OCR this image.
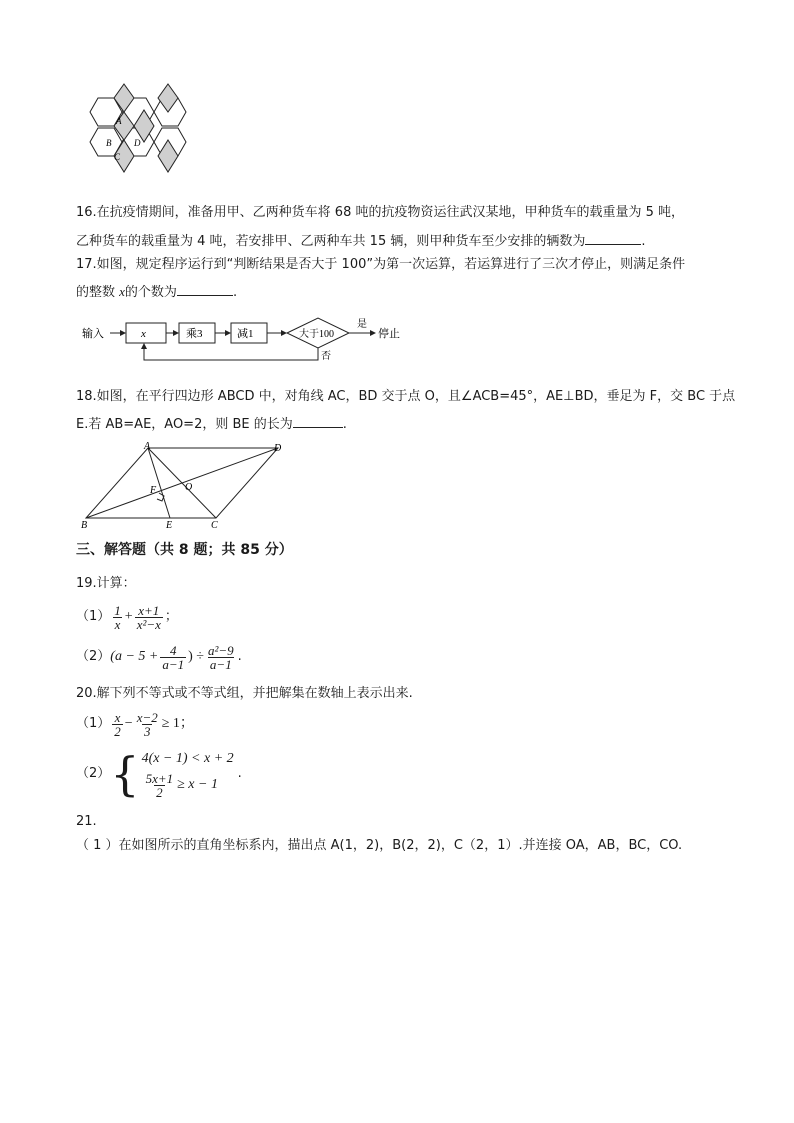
A
B	D
C
16.在抗疫情期间，准备用甲、乙两种货车将 68 吨的抗疫物资运往武汉某地，甲种货车的载重量为 5 吨，
乙种货车的载重量为 4 吨，若安排甲、乙两种车共 15 辆，则甲种货车至少安排的辆数为	.
17.如图，规定程序运行到“判断结果是否大于 100”为第一次运算，若运算进行了三次才停止，则满足条件
的整数 x的个数为	.
输入	x	乘3	减1	大于100
是
停止
否
18.如图，在平行四边形 ABCD 中，对角线 AC，BD 交于点 O，且∠ACB=45°，AE⊥BD，垂足为 F，交 BC 于点
E.若 AB=AE，AO=2，则 BE 的长为	.
A	D
F	O
B	E	C
三、解答题（共 8 题；共 85 分）
19.计算：
$(1) \frac{1}{x} + \frac{x+1}{\text{x²−x}}$ ；
（2） ($a - 5 + \frac{4}{a-1}$ ) ÷ $\frac{\text{a²−9}}{a-1}$ .
20.解下列不等式或不等式组，并把解集在数轴上表示出来.
$(1) \frac{x}{2} - \frac{x-2}{3} \ge 1$；
（2） { 4(x − 1) < x + 2
$\frac{5x+1}{2} \ge x - 1$
.
21.
（ 1 ）在如图所示的直角坐标系内，描出点 A(1，2)，B(2，2)，C（2，1）.并连接 OA，AB，BC，CO.
